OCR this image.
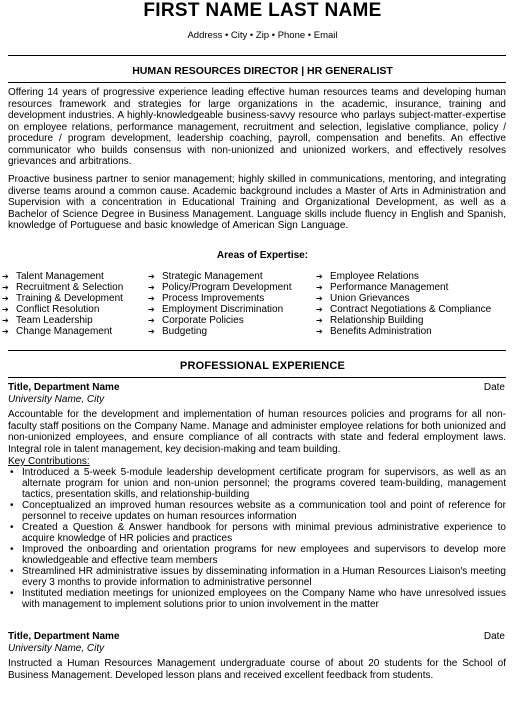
FIRST NAME LAST NAME
Address • City • Zip • Phone • Email
HUMAN RESOURCES DIRECTOR | HR GENERALIST

Offering 14 years of progressive experience leading effective human resources teams and developing human resources framework and strategies for large organizations in the academic, insurance, training and development industries. A highly-knowledgeable business-savvy resource who parlays subject-matter-expertise on employee relations, performance management, recruitment and selection, legislative compliance, policy / procedure / program development, leadership coaching, payroll, compensation and benefits. An effective communicator who builds consensus with non-unionized and unionized workers, and effectively resolves grievances and arbitrations.

Proactive business partner to senior management; highly skilled in communications, mentoring, and integrating diverse teams around a common cause. Academic background includes a Master of Arts in Administration and Supervision with a concentration in Educational Training and Organizational Development, as well as a Bachelor of Science Degree in Business Management. Language skills include fluency in English and Spanish, knowledge of Portuguese and basic knowledge of American Sign Language.

Areas of Expertise:
➔ Talent Management
➔ Recruitment & Selection
➔ Training & Development
➔ Conflict Resolution
➔ Team Leadership
➔ Change Management
➔ Strategic Management
➔ Policy/Program Development
➔ Process Improvements
➔ Employment Discrimination
➔ Corporate Policies
➔ Budgeting
➔ Employee Relations
➔ Performance Management
➔ Union Grievances
➔ Contract Negotiations & Compliance
➔ Relationship Building
➔ Benefits Administration
PROFESSIONAL EXPERIENCE
Title, Department Name	Date
University Name, City

Accountable for the development and implementation of human resources policies and programs for all non-faculty staff positions on the Company Name. Manage and administer employee relations for both unionized and non-unionized employees, and ensure compliance of all contracts with state and federal employment laws. Integral role in talent management, key decision-making and team building.

Key Contributions:
• Introduced a 5-week 5-module leadership development certificate program for supervisors, as well as an alternate program for union and non-union personnel; the programs covered team-building, management tactics, presentation skills, and relationship-building
• Conceptualized an improved human resources website as a communication tool and point of reference for personnel to receive updates on human resources information
• Created a Question & Answer handbook for persons with minimal previous administrative experience to acquire knowledge of HR policies and practices
• Improved the onboarding and orientation programs for new employees and supervisors to develop more knowledgeable and effective team members
• Streamlined HR administrative issues by disseminating information in a Human Resources Liaison's meeting every 3 months to provide information to administrative personnel
• Instituted mediation meetings for unionized employees on the Company Name who have unresolved issues with management to implement solutions prior to union involvement in the matter
Title, Department Name	Date
University Name, City

Instructed a Human Resources Management undergraduate course of about 20 students for the School of Business Management. Developed lesson plans and received excellent feedback from students.
